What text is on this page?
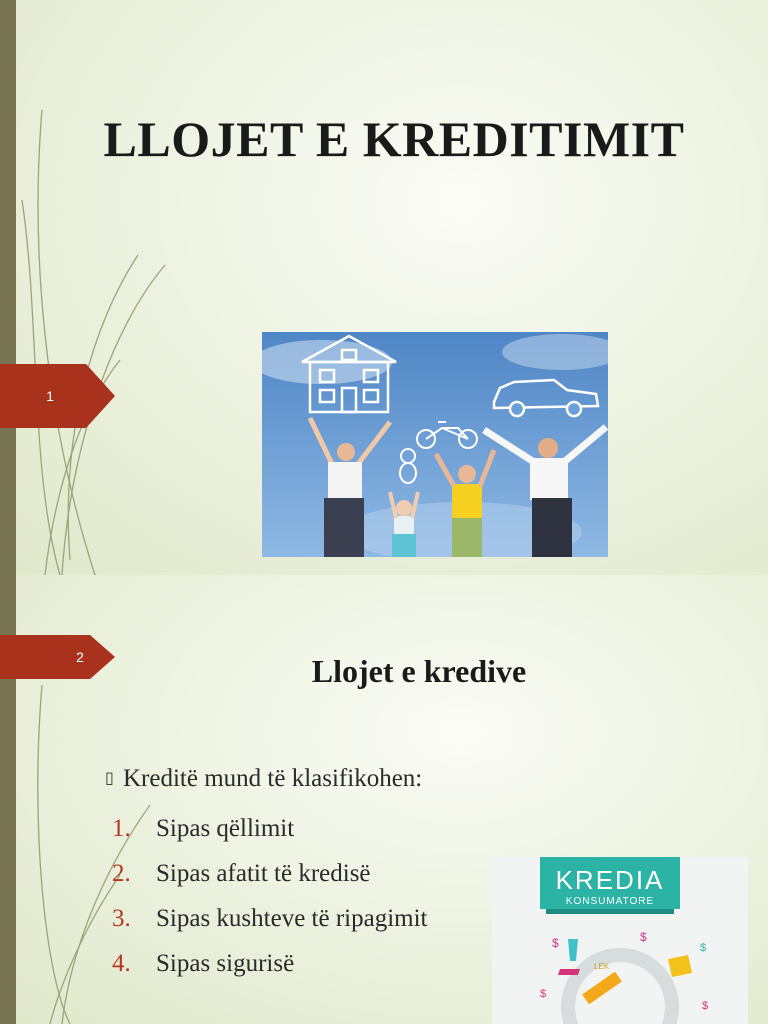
1
LLOJET E KREDITIMIT
2	Llojet e kredive
▯ Kreditë mund të klasifikohen:
1. Sipas qëllimit
2. Sipas afatit të kredisë
3. Sipas kushteve të ripagimit
4. Sipas sigurisë
KREDIA
KONSUMATORE
$	$
$
$
$
LEK
